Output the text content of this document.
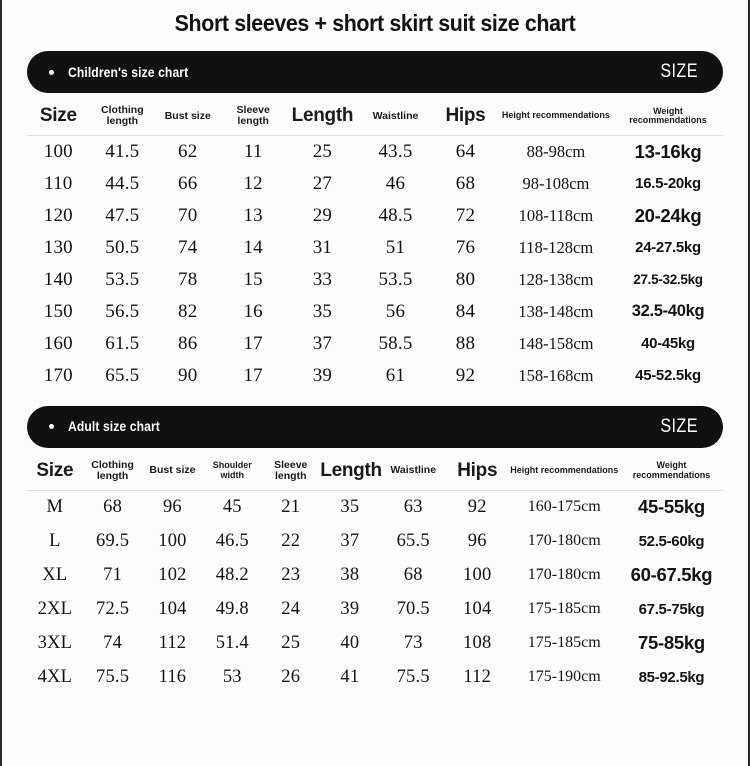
Short sleeves + short skirt suit size chart
Children's size chart	SIZE
Size	Clothing length	Bust size	Sleeve length	Length	Waistline	Hips	Height recommendations	Weight recommendations

100	41.5	62	11	25	43.5	64	88-98cm	13-16kg
110	44.5	66	12	27	46	68	98-108cm	16.5-20kg
120	47.5	70	13	29	48.5	72	108-118cm	20-24kg
130	50.5	74	14	31	51	76	118-128cm	24-27.5kg
140	53.5	78	15	33	53.5	80	128-138cm	27.5-32.5kg
150	56.5	82	16	35	56	84	138-148cm	32.5-40kg
160	61.5	86	17	37	58.5	88	148-158cm	40-45kg
170	65.5	90	17	39	61	92	158-168cm	45-52.5kg
Adult size chart	SIZE
Size	Clothing length	Bust size	Shoulder width	Sleeve length	Length	Waistline	Hips	Height recommendations	Weight recommendations

M	68	96	45	21	35	63	92	160-175cm	45-55kg
L	69.5	100	46.5	22	37	65.5	96	170-180cm	52.5-60kg
XL	71	102	48.2	23	38	68	100	170-180cm	60-67.5kg
2XL	72.5	104	49.8	24	39	70.5	104	175-185cm	67.5-75kg
3XL	74	112	51.4	25	40	73	108	175-185cm	75-85kg
4XL	75.5	116	53	26	41	75.5	112	175-190cm	85-92.5kg
